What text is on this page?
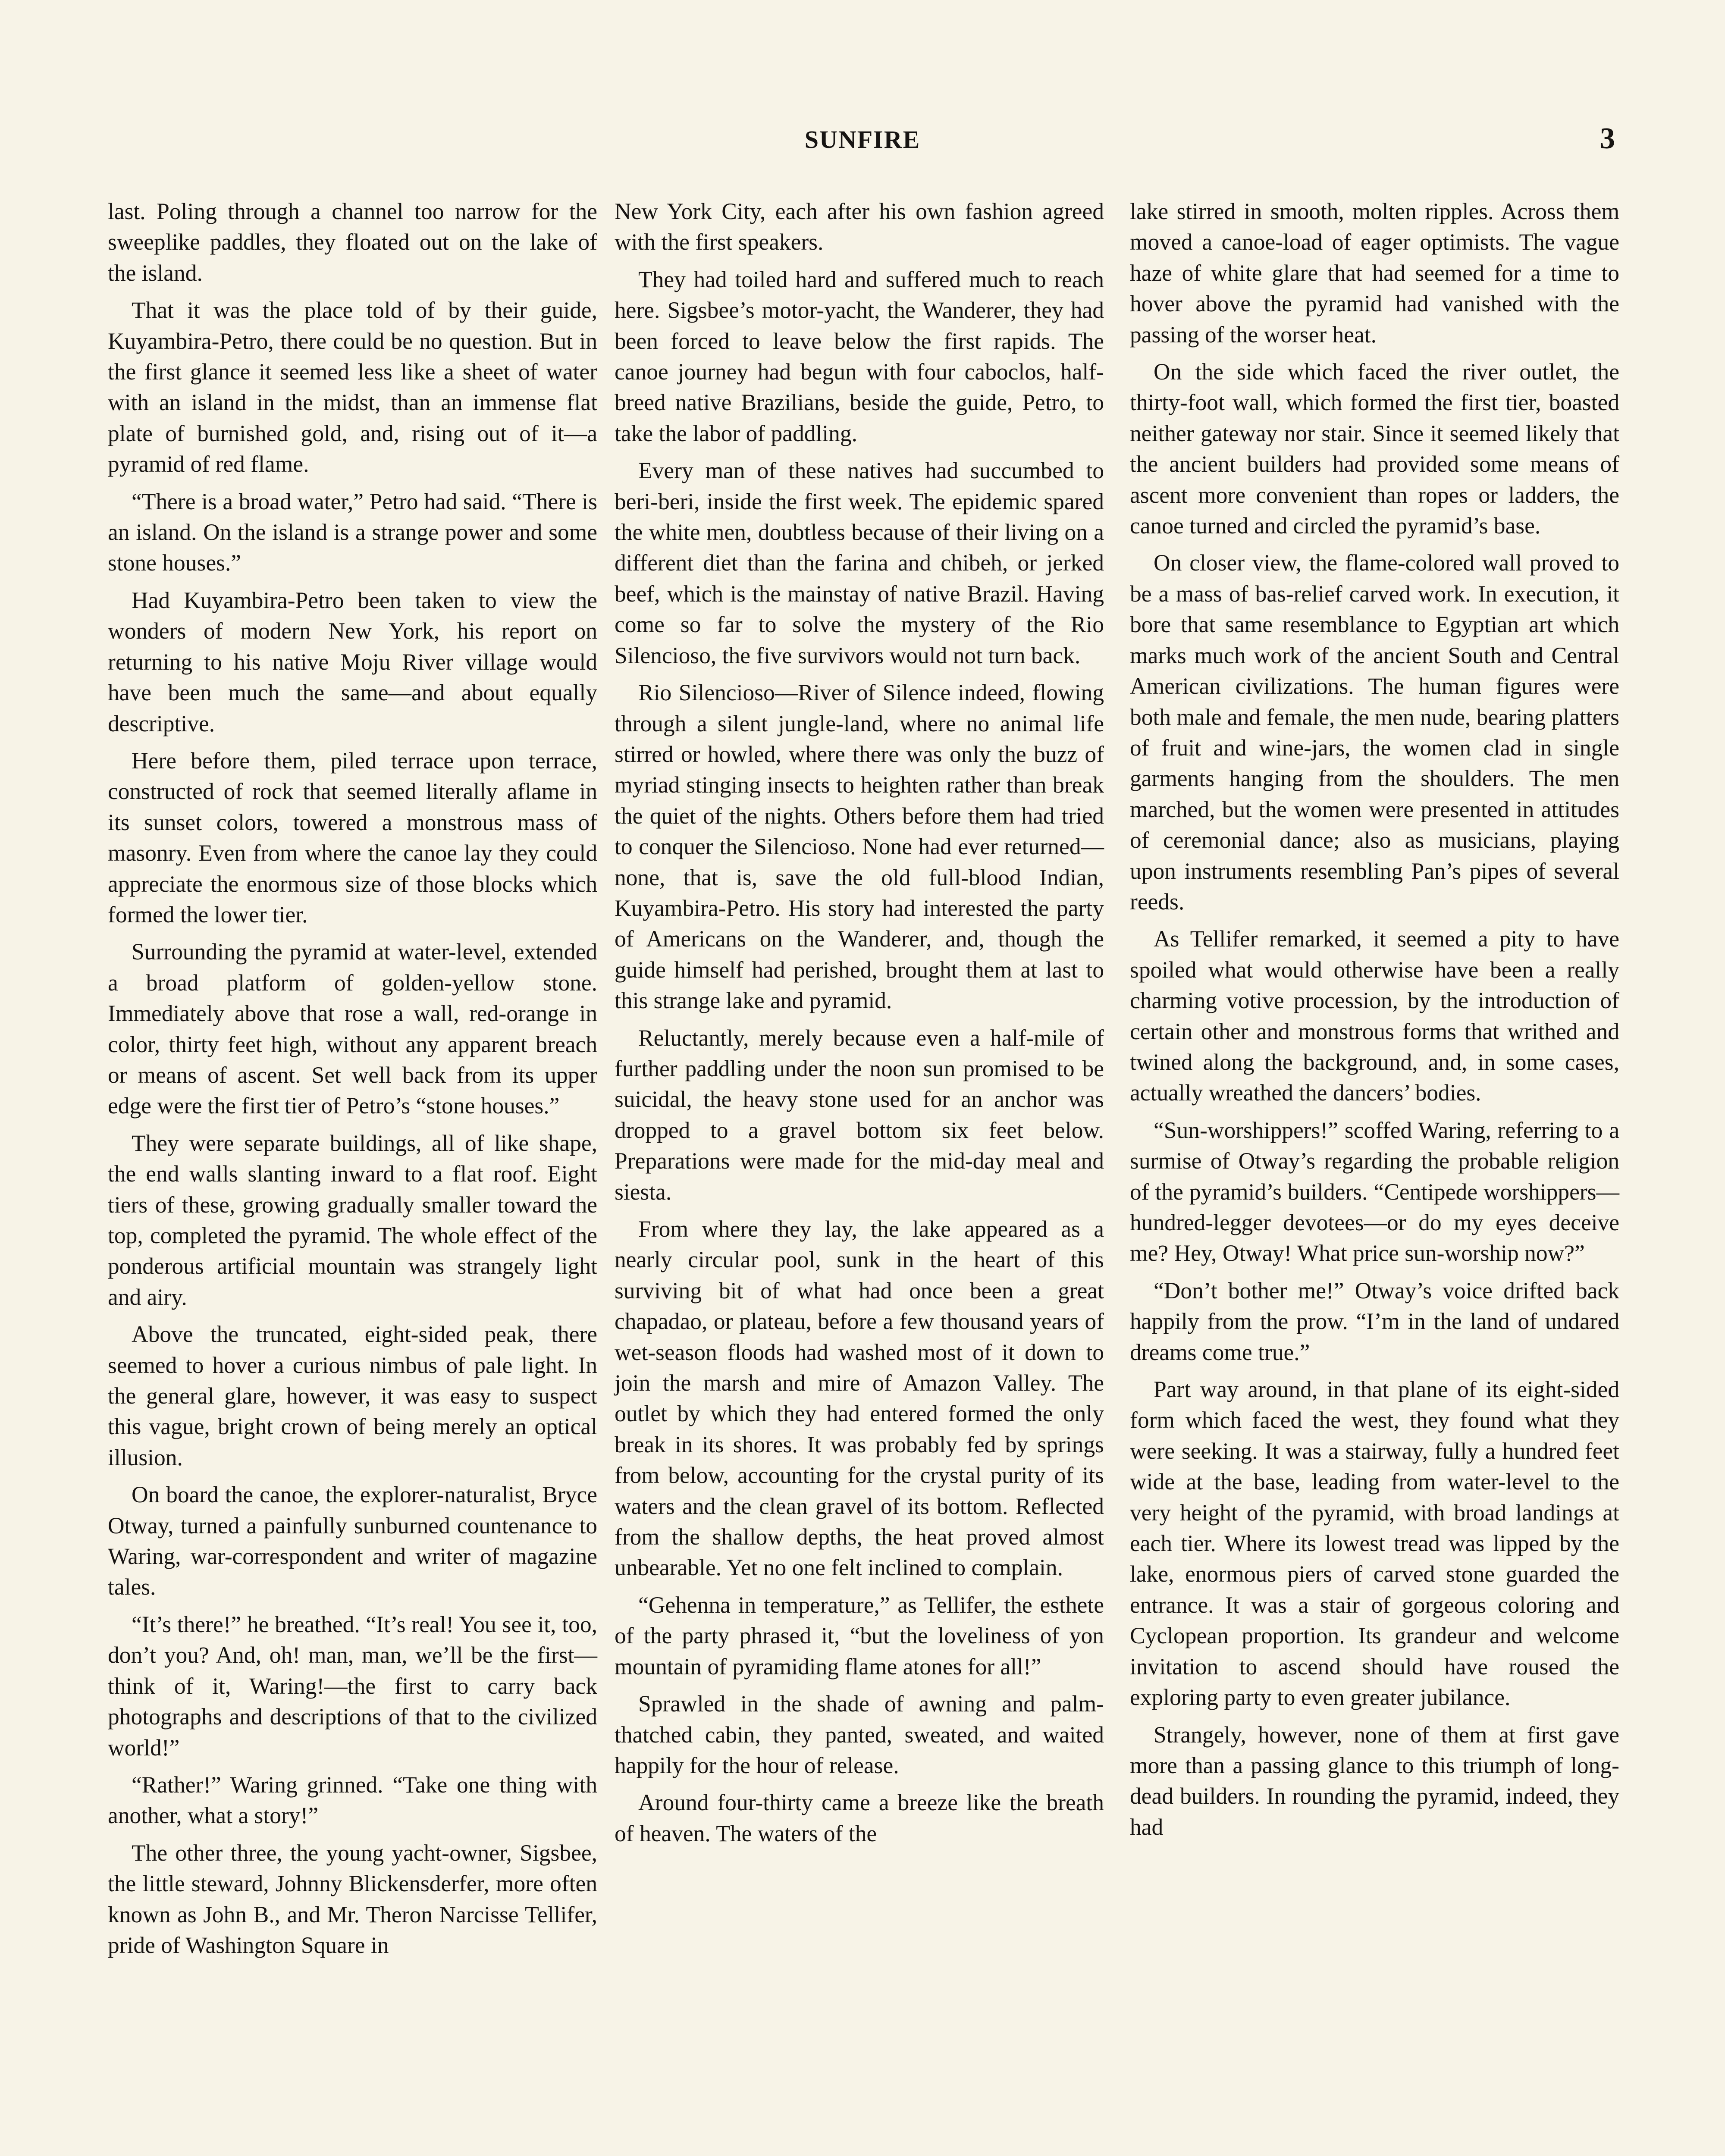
SUNFIRE	3

last. Poling through a channel too narrow for the sweeplike paddles, they floated out on the lake of the island.

That it was the place told of by their guide, Kuyambira-Petro, there could be no question. But in the first glance it seemed less like a sheet of water with an island in the midst, than an immense flat plate of burnished gold, and, rising out of it—a pyramid of red flame.

“There is a broad water,” Petro had said. “There is an island. On the island is a strange power and some stone houses.”

Had Kuyambira-Petro been taken to view the wonders of modern New York, his report on returning to his native Moju River village would have been much the same—and about equally descriptive.

Here before them, piled terrace upon terrace, constructed of rock that seemed literally aflame in its sunset colors, towered a monstrous mass of masonry. Even from where the canoe lay they could appreciate the enormous size of those blocks which formed the lower tier.

Surrounding the pyramid at water-level, extended a broad platform of golden-yellow stone. Immediately above that rose a wall, red-orange in color, thirty feet high, without any apparent breach or means of ascent. Set well back from its upper edge were the first tier of Petro’s “stone houses.”

They were separate buildings, all of like shape, the end walls slanting inward to a flat roof. Eight tiers of these, growing gradually smaller toward the top, completed the pyramid. The whole effect of the ponderous artificial mountain was strangely light and airy.

Above the truncated, eight-sided peak, there seemed to hover a curious nimbus of pale light. In the general glare, however, it was easy to suspect this vague, bright crown of being merely an optical illusion.

On board the canoe, the explorer-naturalist, Bryce Otway, turned a painfully sunburned countenance to Waring, war-correspondent and writer of magazine tales.

“It’s there!” he breathed. “It’s real! You see it, too, don’t you? And, oh! man, man, we’ll be the first—think of it, Waring!—the first to carry back photographs and descriptions of that to the civilized world!”

“Rather!” Waring grinned. “Take one thing with another, what a story!”

The other three, the young yacht-owner, Sigsbee, the little steward, Johnny Blickensderfer, more often known as John B., and Mr. Theron Narcisse Tellifer, pride of Washington Square in

New York City, each after his own fashion agreed with the first speakers.

They had toiled hard and suffered much to reach here. Sigsbee’s motor-yacht, the Wanderer, they had been forced to leave below the first rapids. The canoe journey had begun with four caboclos, half-breed native Brazilians, beside the guide, Petro, to take the labor of paddling.

Every man of these natives had succumbed to beri-beri, inside the first week. The epidemic spared the white men, doubtless because of their living on a different diet than the farina and chibeh, or jerked beef, which is the mainstay of native Brazil. Having come so far to solve the mystery of the Rio Silencioso, the five survivors would not turn back.

Rio Silencioso—River of Silence indeed, flowing through a silent jungle-land, where no animal life stirred or howled, where there was only the buzz of myriad stinging insects to heighten rather than break the quiet of the nights. Others before them had tried to conquer the Silencioso. None had ever returned—none, that is, save the old full-blood Indian, Kuyambira-Petro. His story had interested the party of Americans on the Wanderer, and, though the guide himself had perished, brought them at last to this strange lake and pyramid.

Reluctantly, merely because even a half-mile of further paddling under the noon sun promised to be suicidal, the heavy stone used for an anchor was dropped to a gravel bottom six feet below. Preparations were made for the mid-day meal and siesta.

From where they lay, the lake appeared as a nearly circular pool, sunk in the heart of this surviving bit of what had once been a great chapadao, or plateau, before a few thousand years of wet-season floods had washed most of it down to join the marsh and mire of Amazon Valley. The outlet by which they had entered formed the only break in its shores. It was probably fed by springs from below, accounting for the crystal purity of its waters and the clean gravel of its bottom. Reflected from the shallow depths, the heat proved almost unbearable. Yet no one felt inclined to complain.

“Gehenna in temperature,” as Tellifer, the esthete of the party phrased it, “but the loveliness of yon mountain of pyramiding flame atones for all!”

Sprawled in the shade of awning and palm-thatched cabin, they panted, sweated, and waited happily for the hour of release.

Around four-thirty came a breeze like the breath of heaven. The waters of the

lake stirred in smooth, molten ripples. Across them moved a canoe-load of eager optimists. The vague haze of white glare that had seemed for a time to hover above the pyramid had vanished with the passing of the worser heat.

On the side which faced the river outlet, the thirty-foot wall, which formed the first tier, boasted neither gateway nor stair. Since it seemed likely that the ancient builders had provided some means of ascent more convenient than ropes or ladders, the canoe turned and circled the pyramid’s base.

On closer view, the flame-colored wall proved to be a mass of bas-relief carved work. In execution, it bore that same resemblance to Egyptian art which marks much work of the ancient South and Central American civilizations. The human figures were both male and female, the men nude, bearing platters of fruit and wine-jars, the women clad in single garments hanging from the shoulders. The men marched, but the women were presented in attitudes of ceremonial dance; also as musicians, playing upon instruments resembling Pan’s pipes of several reeds.

As Tellifer remarked, it seemed a pity to have spoiled what would otherwise have been a really charming votive procession, by the introduction of certain other and monstrous forms that writhed and twined along the background, and, in some cases, actually wreathed the dancers’ bodies.

“Sun-worshippers!” scoffed Waring, referring to a surmise of Otway’s regarding the probable religion of the pyramid’s builders. “Centipede worshippers—hundred-legger devotees—or do my eyes deceive me? Hey, Otway! What price sun-worship now?”

“Don’t bother me!” Otway’s voice drifted back happily from the prow. “I’m in the land of undared dreams come true.”

Part way around, in that plane of its eight-sided form which faced the west, they found what they were seeking. It was a stairway, fully a hundred feet wide at the base, leading from water-level to the very height of the pyramid, with broad landings at each tier. Where its lowest tread was lipped by the lake, enormous piers of carved stone guarded the entrance. It was a stair of gorgeous coloring and Cyclopean proportion. Its grandeur and welcome invitation to ascend should have roused the exploring party to even greater jubilance.

Strangely, however, none of them at first gave more than a passing glance to this triumph of long-dead builders. In rounding the pyramid, indeed, they had
